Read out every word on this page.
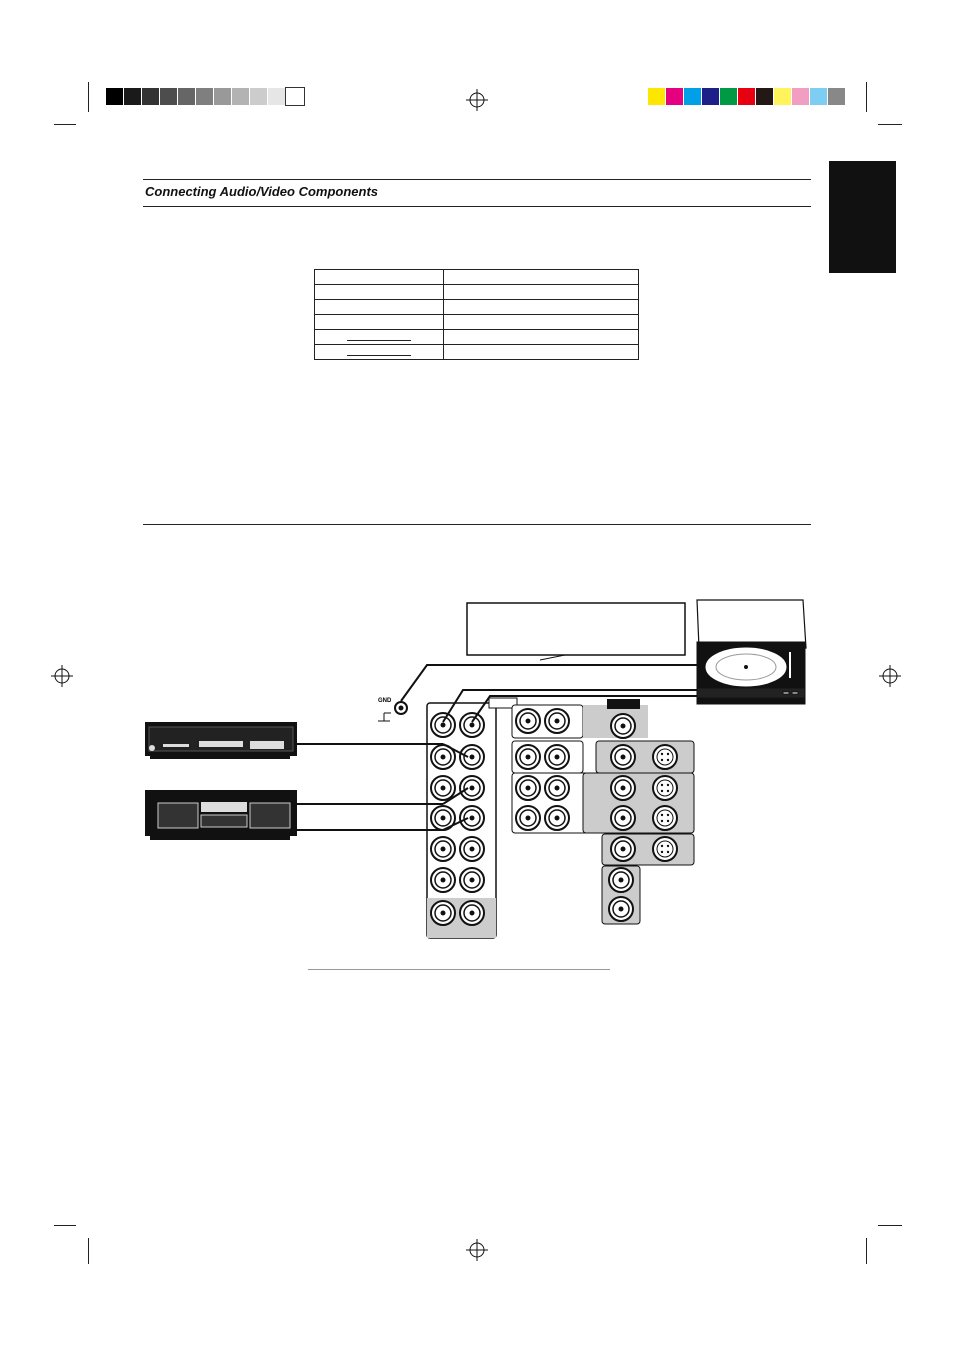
Connecting Audio/Video Components

GND
